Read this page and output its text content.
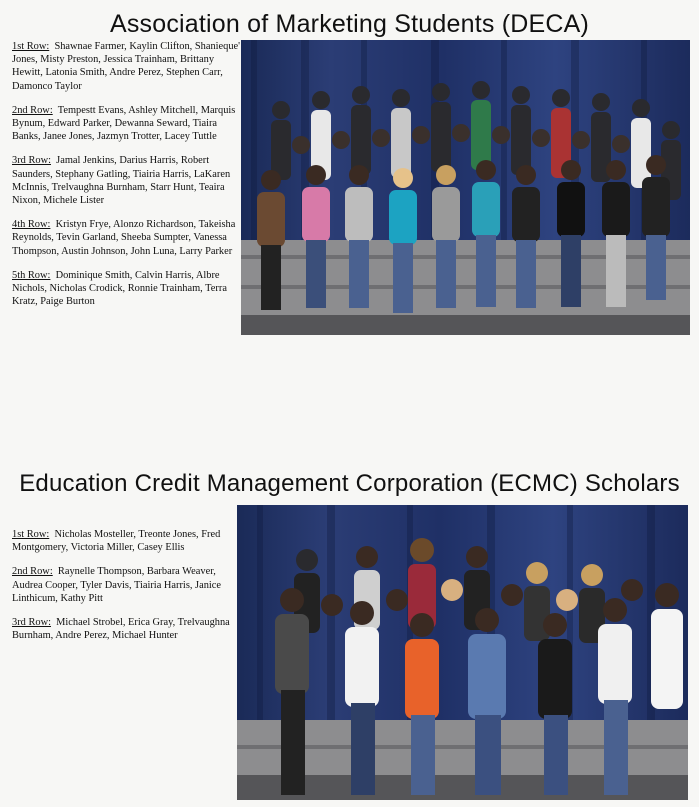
Association of Marketing Students (DECA)
1st Row: Shawnae Farmer, Kaylin Clifton, Shanieque' Jones, Misty Preston, Jessica Trainham, Brittany Hewitt, Latonia Smith, Andre Perez, Stephen Carr, Damonco Taylor
2nd Row: Tempestt Evans, Ashley Mitchell, Marquis Bynum, Edward Parker, Dewanna Seward, Tiaira Banks, Janee Jones, Jazmyn Trotter, Lacey Tuttle
3rd Row: Jamal Jenkins, Darius Harris, Robert Saunders, Stephany Gatling, Tiairia Harris, LaKaren McInnis, Trelvaughna Burnham, Starr Hunt, Teaira Nixon, Michele Lister
4th Row: Kristyn Frye, Alonzo Richardson, Takeisha Reynolds, Tevin Garland, Sheeba Sumpter, Vanessa Thompson, Austin Johnson, John Luna, Larry Parker
5th Row: Dominique Smith, Calvin Harris, Albre Nichols, Nicholas Crodick, Ronnie Trainham, Terra Kratz, Paige Burton
Education Credit Management Corporation (ECMC) Scholars
1st Row: Nicholas Mosteller, Treonte Jones, Fred Montgomery, Victoria Miller, Casey Ellis
2nd Row: Raynelle Thompson, Barbara Weaver, Audrea Cooper, Tyler Davis, Tiairia Harris, Janice Linthicum, Kathy Pitt
3rd Row: Michael Strobel, Erica Gray, Trelvaughna Burnham, Andre Perez, Michael Hunter
